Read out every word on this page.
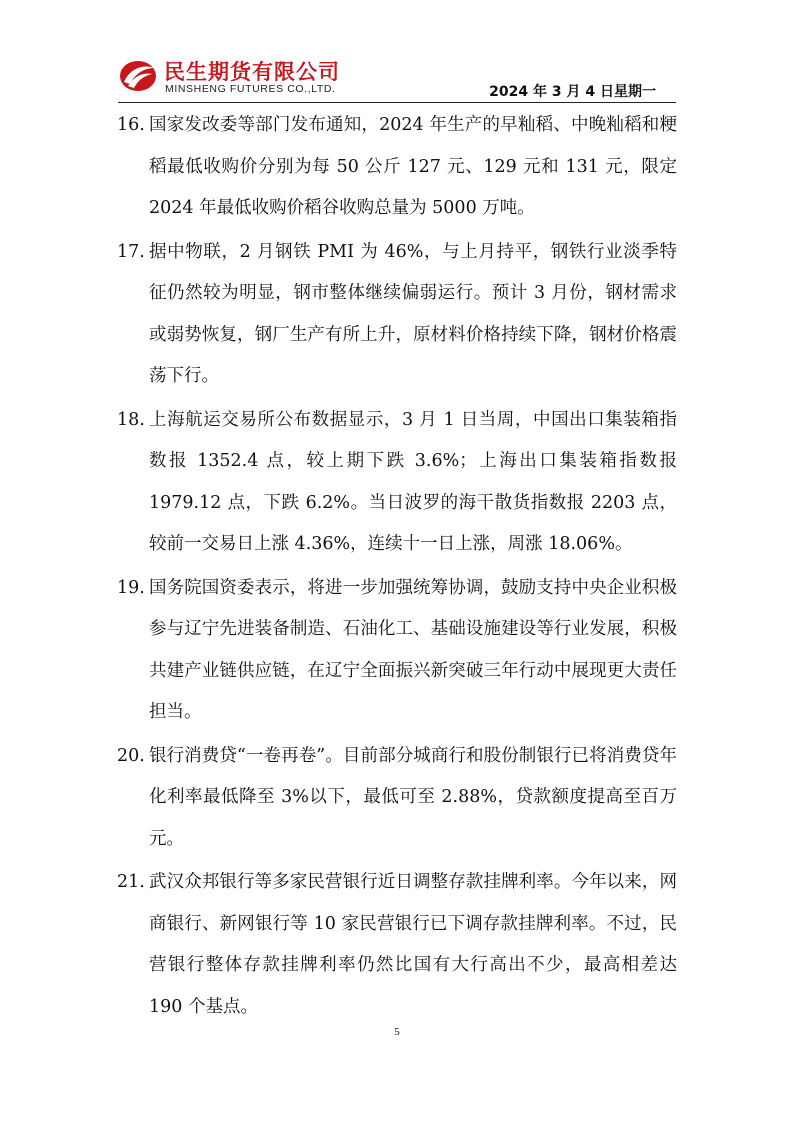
民生期货有限公司
MINSHENG FUTURES CO.,LTD.	2024 年 3 月 4 日星期一
16. 国家发改委等部门发布通知，2024 年生产的早籼稻、中晚籼稻和粳稻最低收购价分别为每 50 公斤 127 元、129 元和 131 元，限定 2024 年最低收购价稻谷收购总量为 5000 万吨。
17. 据中物联，2 月钢铁 PMI 为 46%，与上月持平，钢铁行业淡季特征仍然较为明显，钢市整体继续偏弱运行。预计 3 月份，钢材需求或弱势恢复，钢厂生产有所上升，原材料价格持续下降，钢材价格震荡下行。
18. 上海航运交易所公布数据显示，3 月 1 日当周，中国出口集装箱指数报 1352.4 点，较上期下跌 3.6%；上海出口集装箱指数报 1979.12 点，下跌 6.2%。当日波罗的海干散货指数报 2203 点，较前一交易日上涨 4.36%，连续十一日上涨，周涨 18.06%。
19. 国务院国资委表示，将进一步加强统筹协调，鼓励支持中央企业积极参与辽宁先进装备制造、石油化工、基础设施建设等行业发展，积极共建产业链供应链，在辽宁全面振兴新突破三年行动中展现更大责任担当。
20. 银行消费贷“一卷再卷”。目前部分城商行和股份制银行已将消费贷年化利率最低降至 3%以下，最低可至 2.88%，贷款额度提高至百万元。
21. 武汉众邦银行等多家民营银行近日调整存款挂牌利率。今年以来，网商银行、新网银行等 10 家民营银行已下调存款挂牌利率。不过，民营银行整体存款挂牌利率仍然比国有大行高出不少，最高相差达 190 个基点。
5
